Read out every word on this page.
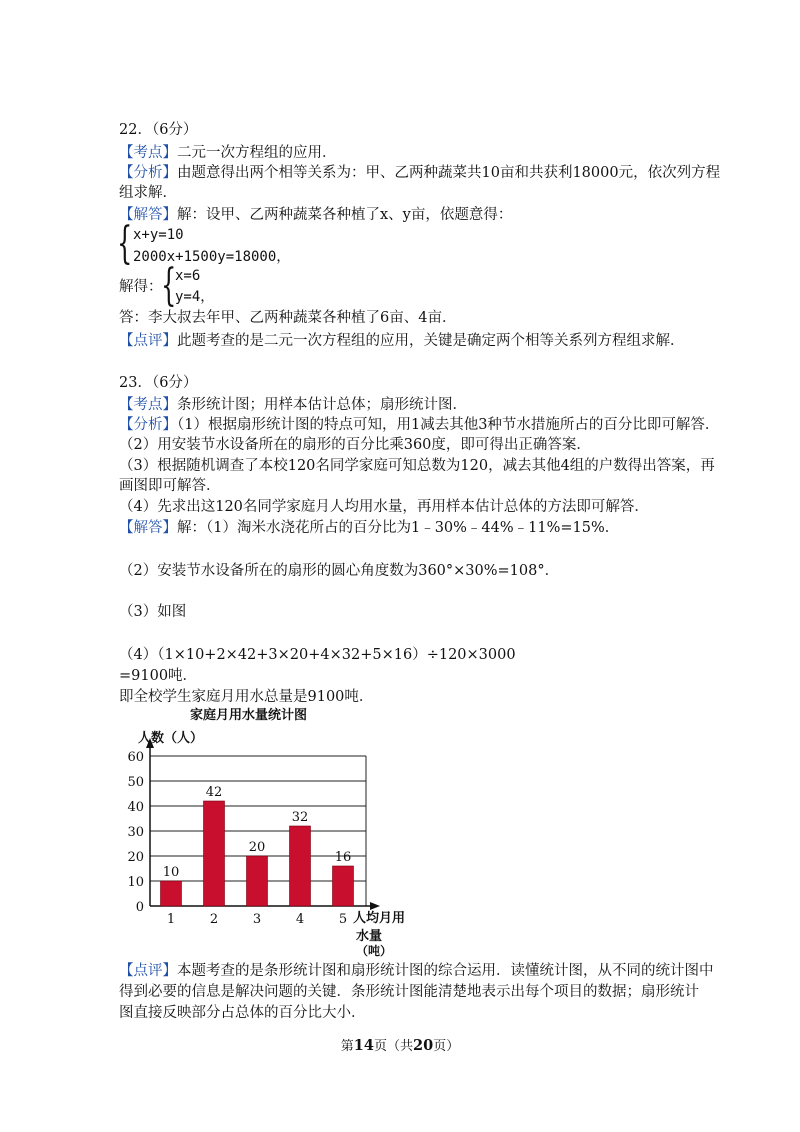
22．（6分）
【考点】二元一次方程组的应用．
【分析】由题意得出两个相等关系为：甲、乙两种蔬菜共10亩和共获利18000元，依次列方程
组求解．
【解答】解：设甲、乙两种蔬菜各种植了x、y亩，依题意得：
{ x+y=10
2000x+1500y=18000，
解得：
{
x=6
y=4，
答：李大叔去年甲、乙两种蔬菜各种植了6亩、4亩．
【点评】此题考查的是二元一次方程组的应用，关键是确定两个相等关系列方程组求解．
23．（6分）
【考点】条形统计图；用样本估计总体；扇形统计图．
【分析】（1）根据扇形统计图的特点可知，用1减去其他3种节水措施所占的百分比即可解答．
（2）用安装节水设备所在的扇形的百分比乘360度，即可得出正确答案．
（3）根据随机调查了本校120名同学家庭可知总数为120，减去其他4组的户数得出答案，再
画图即可解答．
（4）先求出这120名同学家庭月人均用水量，再用样本估计总体的方法即可解答．
【解答】解：（1）淘米水浇花所占的百分比为1﹣30%﹣44%﹣11%=15%．
（2）安装节水设备所在的扇形的圆心角度数为360°×30%=108°．
（3）如图
（4）（1×10+2×42+3×20+4×32+5×16）÷120×3000
=9100吨．
即全校学生家庭月用水总量是9100吨．
家庭月用水量统计图
0
10
20
30
40
50
60
人数（人）
10
1
42
2
20
3
32
4
16
5 人均月用
水量
（吨）
【点评】本题考查的是条形统计图和扇形统计图的综合运用．读懂统计图，从不同的统计图中
得到必要的信息是解决问题的关键．条形统计图能清楚地表示出每个项目的数据；扇形统计
图直接反映部分占总体的百分比大小．
第14页（共20页）
